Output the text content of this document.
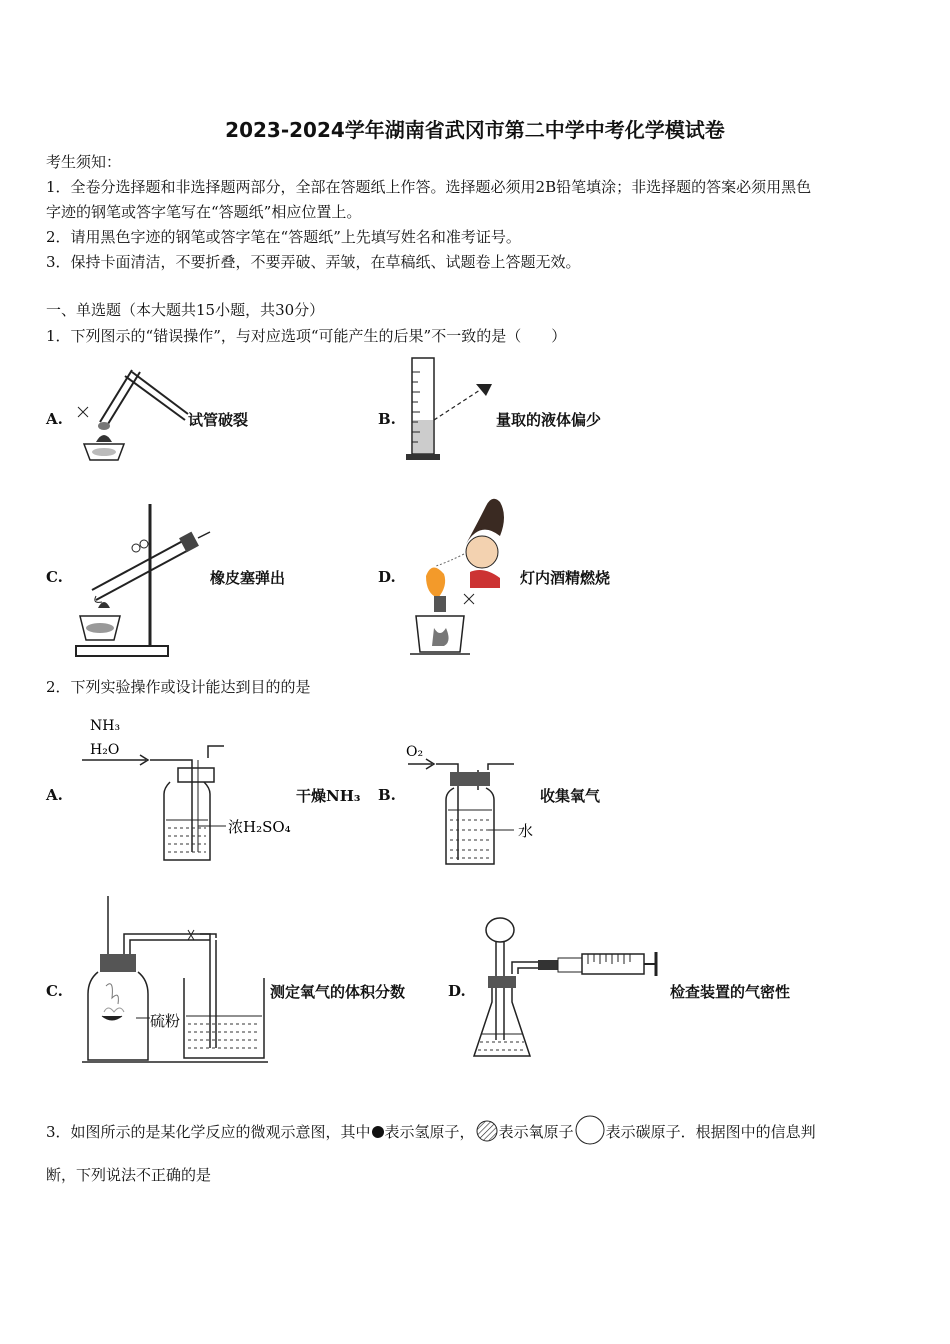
2023-2024学年湖南省武冈市第二中学中考化学模试卷
考生须知：
1．全卷分选择题和非选择题两部分，全部在答题纸上作答。选择题必须用2B铅笔填涂；非选择题的答案必须用黑色
字迹的钢笔或答字笔写在“答题纸”相应位置上。
2．请用黑色字迹的钢笔或答字笔在“答题纸”上先填写姓名和准考证号。
3．保持卡面清洁，不要折叠，不要弄破、弄皱，在草稿纸、试题卷上答题无效。
一、单选题（本大题共15小题，共30分）
1．下列图示的“错误操作”，与对应选项“可能产生的后果”不一致的是（　　）
A.	试管破裂	B.	量取的液体偏少
C.	橡皮塞弹出	D.	灯内酒精燃烧
2．下列实验操作或设计能达到目的的是
A.
NH₃
H₂O
浓H₂SO₄
干燥NH₃ B.
O₂
水
收集氧气
C.
硫粉
测定氧气的体积分数	D.	检查装置的气密性
3．如图所示的是某化学反应的微观示意图，其中 表示氢原子， 表示氧原子 表示碳原子．根据图中的信息判
断，下列说法不正确的是
